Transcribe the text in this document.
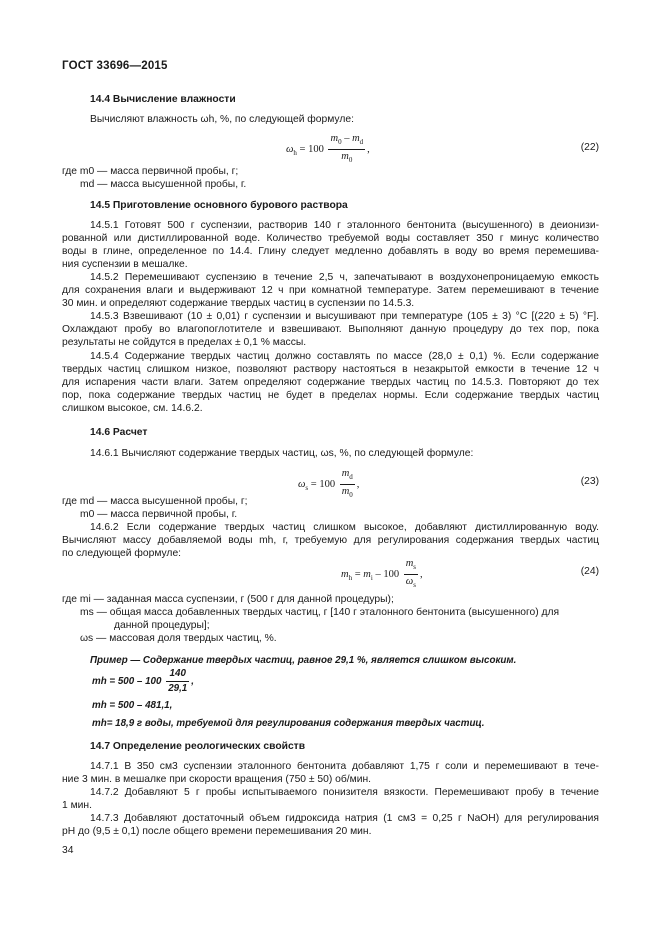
ГОСТ 33696—2015
14.4 Вычисление влажности
Вычисляют влажность ωh, %, по следующей формуле:
$\omega_h = 100 \frac{m_0 - m_d}{m_0}$ ,	(22)
где m0 — масса первичной пробы, г;
md — масса высушенной пробы, г.
14.5 Приготовление основного бурового раствора
14.5.1 Готовят 500 г суспензии, растворив 140 г эталонного бентонита (высушенного) в деионизи-
рованной или дистиллированной воде. Количество требуемой воды составляет 350 г минус количество
воды в глине, определенное по 14.4. Глину следует медленно добавлять в воду во время перемешива-
ния суспензии в мешалке.
14.5.2 Перемешивают суспензию в течение 2,5 ч, запечатывают в воздухонепроницаемую емкость
для сохранения влаги и выдерживают 12 ч при комнатной температуре. Затем перемешивают в течение
30 мин. и определяют содержание твердых частиц в суспензии по 14.5.3.
14.5.3 Взвешивают (10 ± 0,01) г суспензии и высушивают при температуре (105 ± 3) °С [(220 ± 5) °F].
Охлаждают пробу во влагопоглотителе и взвешивают. Выполняют данную процедуру до тех пор, пока
результаты не сойдутся в пределах ± 0,1 % массы.
14.5.4 Содержание твердых частиц должно составлять по массе (28,0 ± 0,1) %. Если содержание
твердых частиц слишком низкое, позволяют раствору настояться в незакрытой емкости в течение 12 ч
для испарения части влаги. Затем определяют содержание твердых частиц по 14.5.3. Повторяют до тех
пор, пока содержание твердых частиц не будет в пределах нормы. Если содержание твердых частиц
слишком высокое, см. 14.6.2.
14.6 Расчет
14.6.1 Вычисляют содержание твердых частиц, ωs, %, по следующей формуле:
$\omega_s = 100 \frac{m_d}{m_0}$ ,	(23)
где md — масса высушенной пробы, г;
m0 — масса первичной пробы, г.
14.6.2 Если содержание твердых частиц слишком высокое, добавляют дистиллированную воду.
Вычисляют массу добавляемой воды mh, г, требуемую для регулирования содержания твердых частиц
по следующей формуле:
$m_h = m_i - 100 \frac{m_s}{\omega_s}$ ,	(24)
где mi — заданная масса суспензии, г (500 г для данной процедуры);
ms — общая масса добавленных твердых частиц, г [140 г эталонного бентонита (высушенного) для
данной процедуры];
ωs — массовая доля твердых частиц, %.
Пример — Содержание твердых частиц, равное 29,1 %, является слишком высоким.
mh = $500 - 100 \frac{140}{29,1}$ ,
mh = 500 – 481,1,
mh= 18,9 г воды, требуемой для регулирования содержания твердых частиц.
14.7 Определение реологических свойств
14.7.1 В 350 см3 суспензии эталонного бентонита добавляют 1,75 г соли и перемешивают в тече-
ние 3 мин. в мешалке при скорости вращения (750 ± 50) об/мин.
14.7.2 Добавляют 5 г пробы испытываемого понизителя вязкости. Перемешивают пробу в течение
1 мин.
14.7.3 Добавляют достаточный объем гидроксида натрия (1 см3 = 0,25 г NaOH) для регулирования
рН до (9,5 ± 0,1) после общего времени перемешивания 20 мин.
34
